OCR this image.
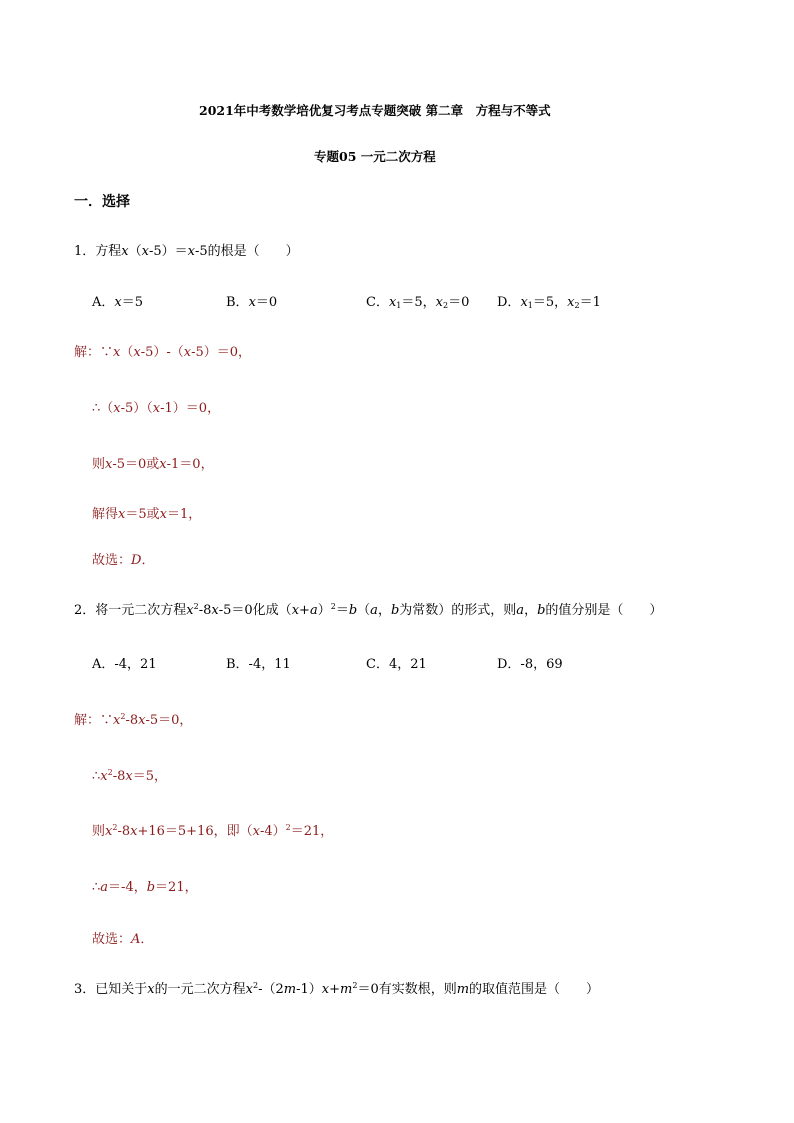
2021年中考数学培优复习考点专题突破 第二章　方程与不等式
专题05 一元二次方程
一．选择
1．方程x（x-5）＝x-5的根是（　　）
A．x＝5	B．x＝0	C．$x_1=5$，$x_2=0$ D．$x_1=5$，$x_2=1$
解：∵x（x-5）-（x-5）＝0，
∴（x-5）（x-1）＝0，
则x-5＝0或x-1＝0，
解得x＝5或x＝1，
故选：D．
2．将一元二次方程$x^2-8x-5=0$化成$(x+a)^2=b(a$，b为常数）的形式，则a，b的值分别是（　　）
A．-4，21	B．-4，11	C．4，21	D．-8，69
解：$\because x^2-8x-5=0$，
$\therefore x^2-8x=5$，
则$x^2-8x+16=5+16$，即$(x-4)^2=21$，
∴a＝-4，b＝21，
故选：A．
3．已知关于x的一元二次方程$x^2-(2m-1)x+m^2=0$有实数根，则m的取值范围是（　　）
